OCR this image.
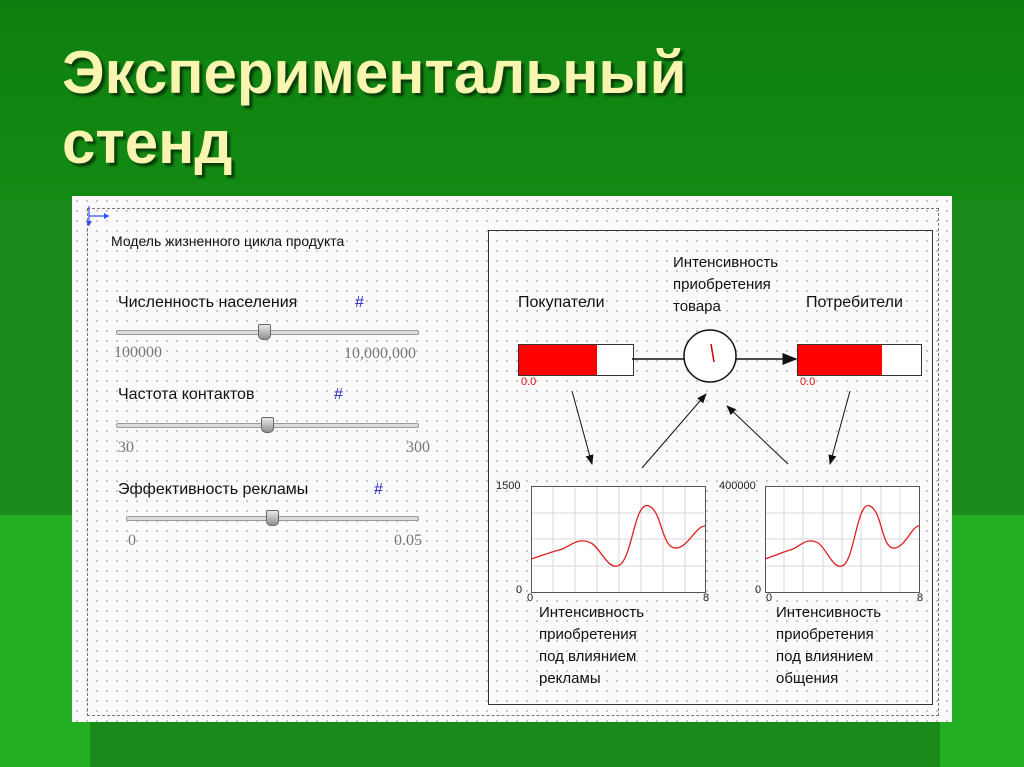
Экспериментальный
стенд
Модель жизненного цикла продукта
Численность населения	#
100000	10,000,000
Частота контактов	#
30	300
Эффективность рекламы	#
0	0.05
Покупатели
Интенсивность
приобретения
товара	Потребители
0.0	0.0
1500
0
0	8
400000
0
0	8
Интенсивность
приобретения
под влиянием
рекламы
Интенсивность
приобретения
под влиянием
общения
